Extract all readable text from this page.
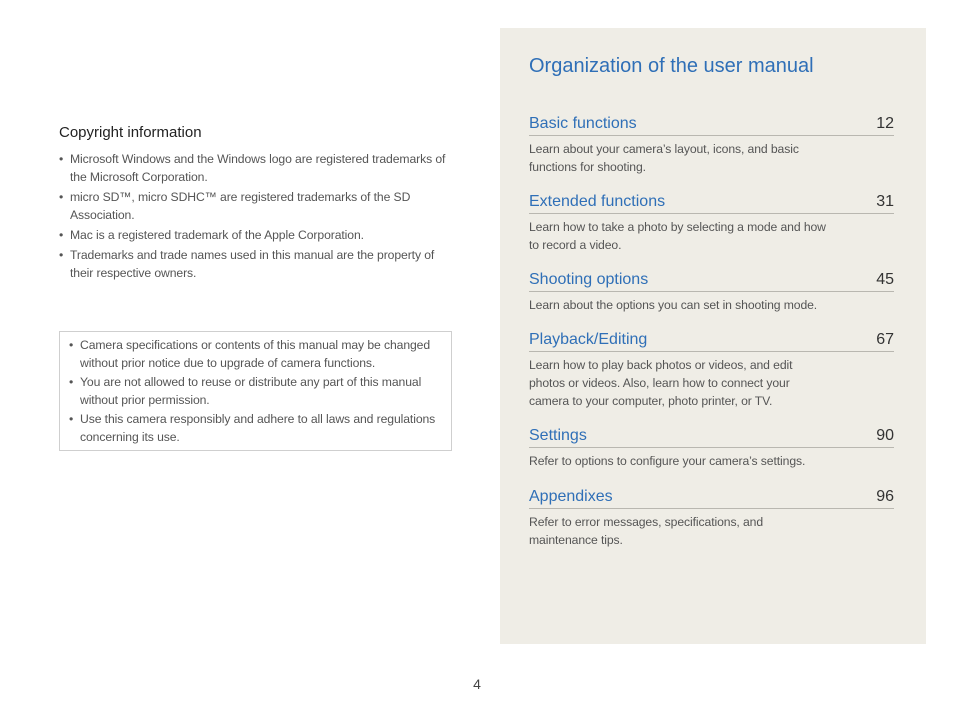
Copyright information
• Microsoft Windows and the Windows logo are registered trademarks of the Microsoft Corporation.
• micro SD™, micro SDHC™ are registered trademarks of the SD Association.
• Mac is a registered trademark of the Apple Corporation.
• Trademarks and trade names used in this manual are the property of their respective owners.
• Camera specifications or contents of this manual may be changed without prior notice due to upgrade of camera functions.
• You are not allowed to reuse or distribute any part of this manual without prior permission.
• Use this camera responsibly and adhere to all laws and regulations concerning its use.
Organization of the user manual
Basic functions	12
Learn about your camera’s layout, icons, and basic functions for shooting.
Extended functions	31
Learn how to take a photo by selecting a mode and how to record a video.
Shooting options	45
Learn about the options you can set in shooting mode.
Playback/Editing	67
Learn how to play back photos or videos, and edit photos or videos. Also, learn how to connect your camera to your computer, photo printer, or TV.
Settings	90
Refer to options to configure your camera’s settings.
Appendixes	96
Refer to error messages, specifications, and maintenance tips.
4
